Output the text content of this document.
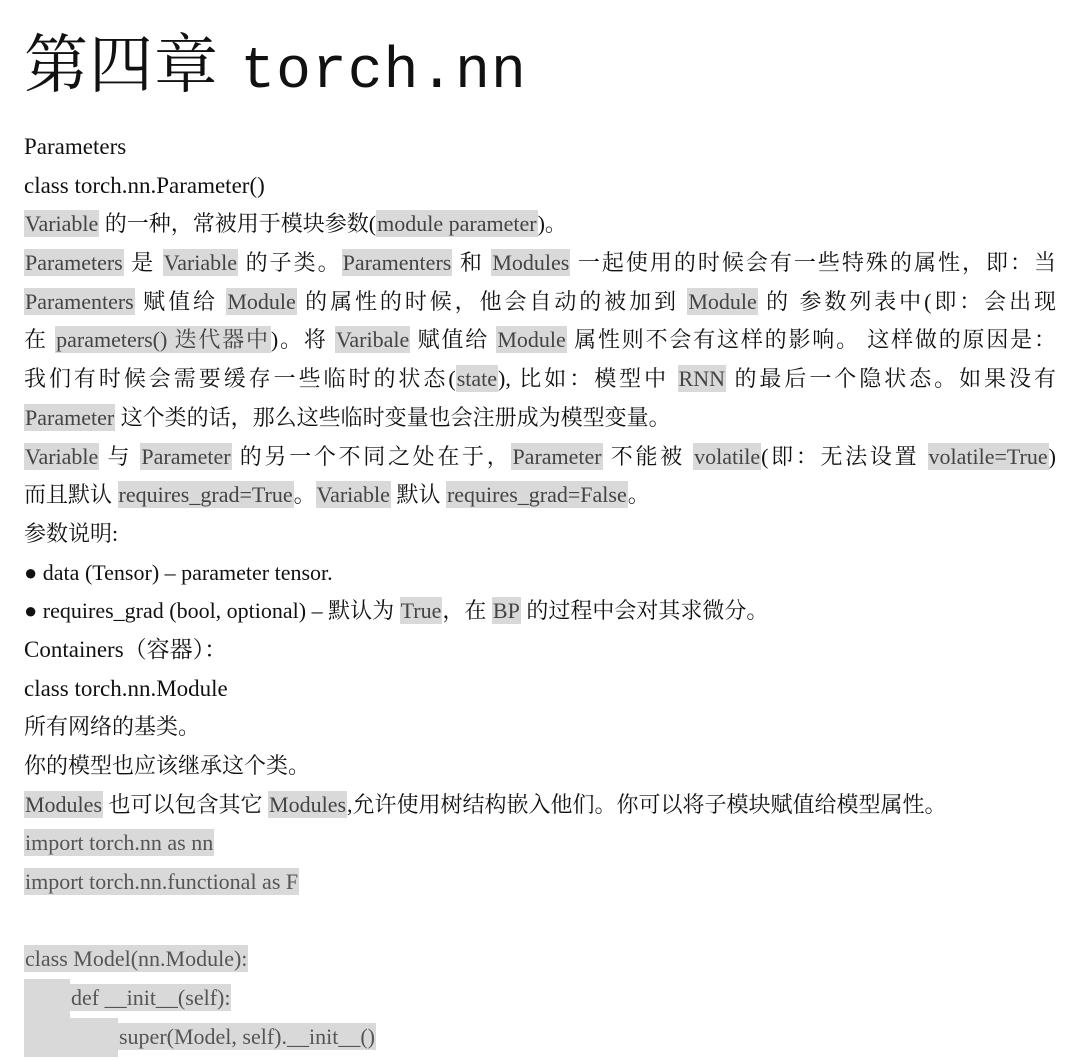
第四章 torch.nn
Parameters
class torch.nn.Parameter()
Variable 的一种，常被用于模块参数(module parameter)。
Parameters 是 Variable 的子类。Paramenters 和 Modules 一起使用的时候会有一些特殊的属性，即：当
Paramenters 赋值给 Module 的属性的时候，他会自动的被加到 Module 的 参数列表中(即：会出现
在 parameters() 迭代器中)。将 Varibale 赋值给 Module 属性则不会有这样的影响。 这样做的原因是：
我们有时候会需要缓存一些临时的状态(state), 比如：模型中 RNN 的最后一个隐状态。如果没有
Parameter 这个类的话，那么这些临时变量也会注册成为模型变量。
Variable 与 Parameter 的另一个不同之处在于，Parameter 不能被 volatile(即：无法设置 volatile=True)
而且默认 requires_grad=True。Variable 默认 requires_grad=False。
参数说明:
● data (Tensor) – parameter tensor.
● requires_grad (bool, optional) – 默认为 True，在 BP 的过程中会对其求微分。
Containers（容器）：
class torch.nn.Module
所有网络的基类。
你的模型也应该继承这个类。
Modules 也可以包含其它 Modules,允许使用树结构嵌入他们。你可以将子模块赋值给模型属性。
import torch.nn as nn
import torch.nn.functional as F
class Model(nn.Module):
def __init__(self):
super(Model, self).__init__()
